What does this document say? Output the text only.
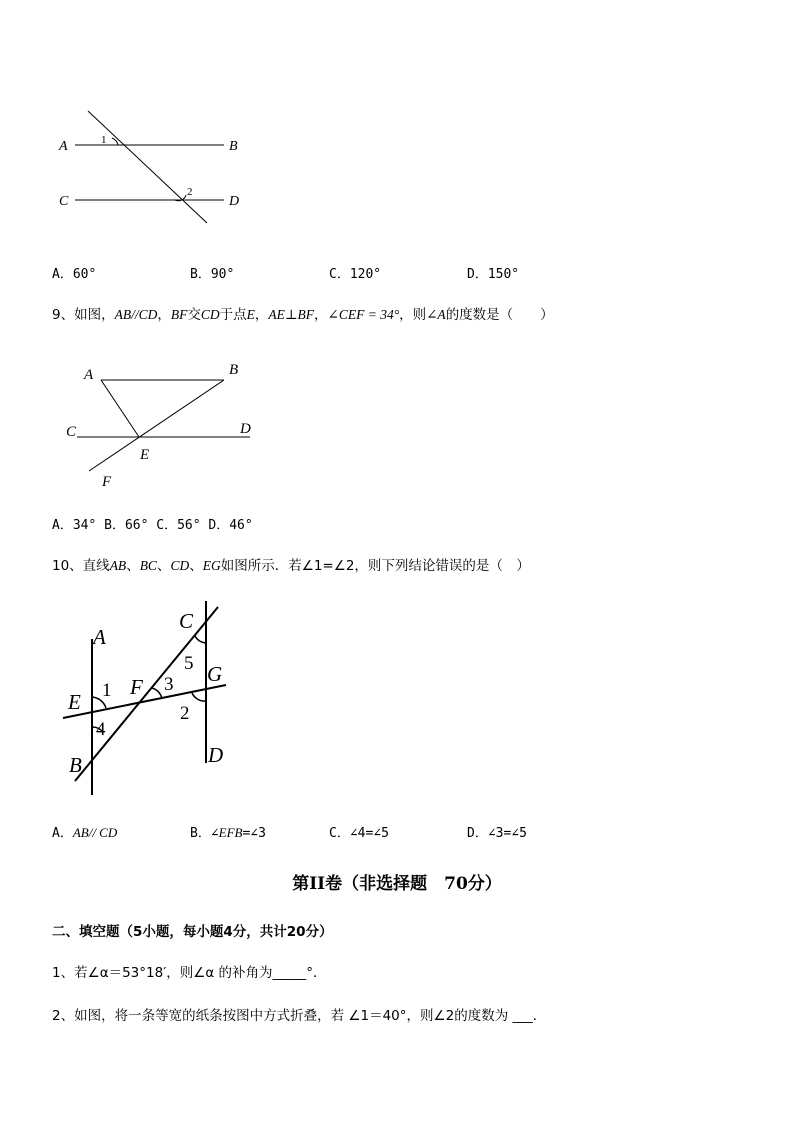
A	B
C	D
1
2
A．60°	B．90°	C．120°	D．150°
9、如图，AB//CD，BF交CD于点E，AE⊥BF，∠CEF = 34°，则∠A的度数是（　　）
A	B
C	D
E
F
A．34° B．66° C．56° D．46°
10、直线AB、BC、CD、EG如图所示．若∠1=∠2，则下列结论错误的是（　）
A
C
E
F
G
B	D
1
2
3
4
5
A．AB// CD	B．∠EFB=∠3	C．∠4=∠5	D．∠3=∠5
第II卷（非选择题　70分）
二、填空题（5小题，每小题4分，共计20分）
1、若∠α＝53°18′，则∠α 的补角为_____°．
2、如图，将一条等宽的纸条按图中方式折叠，若 ∠1＝40°，则∠2的度数为 ___．
